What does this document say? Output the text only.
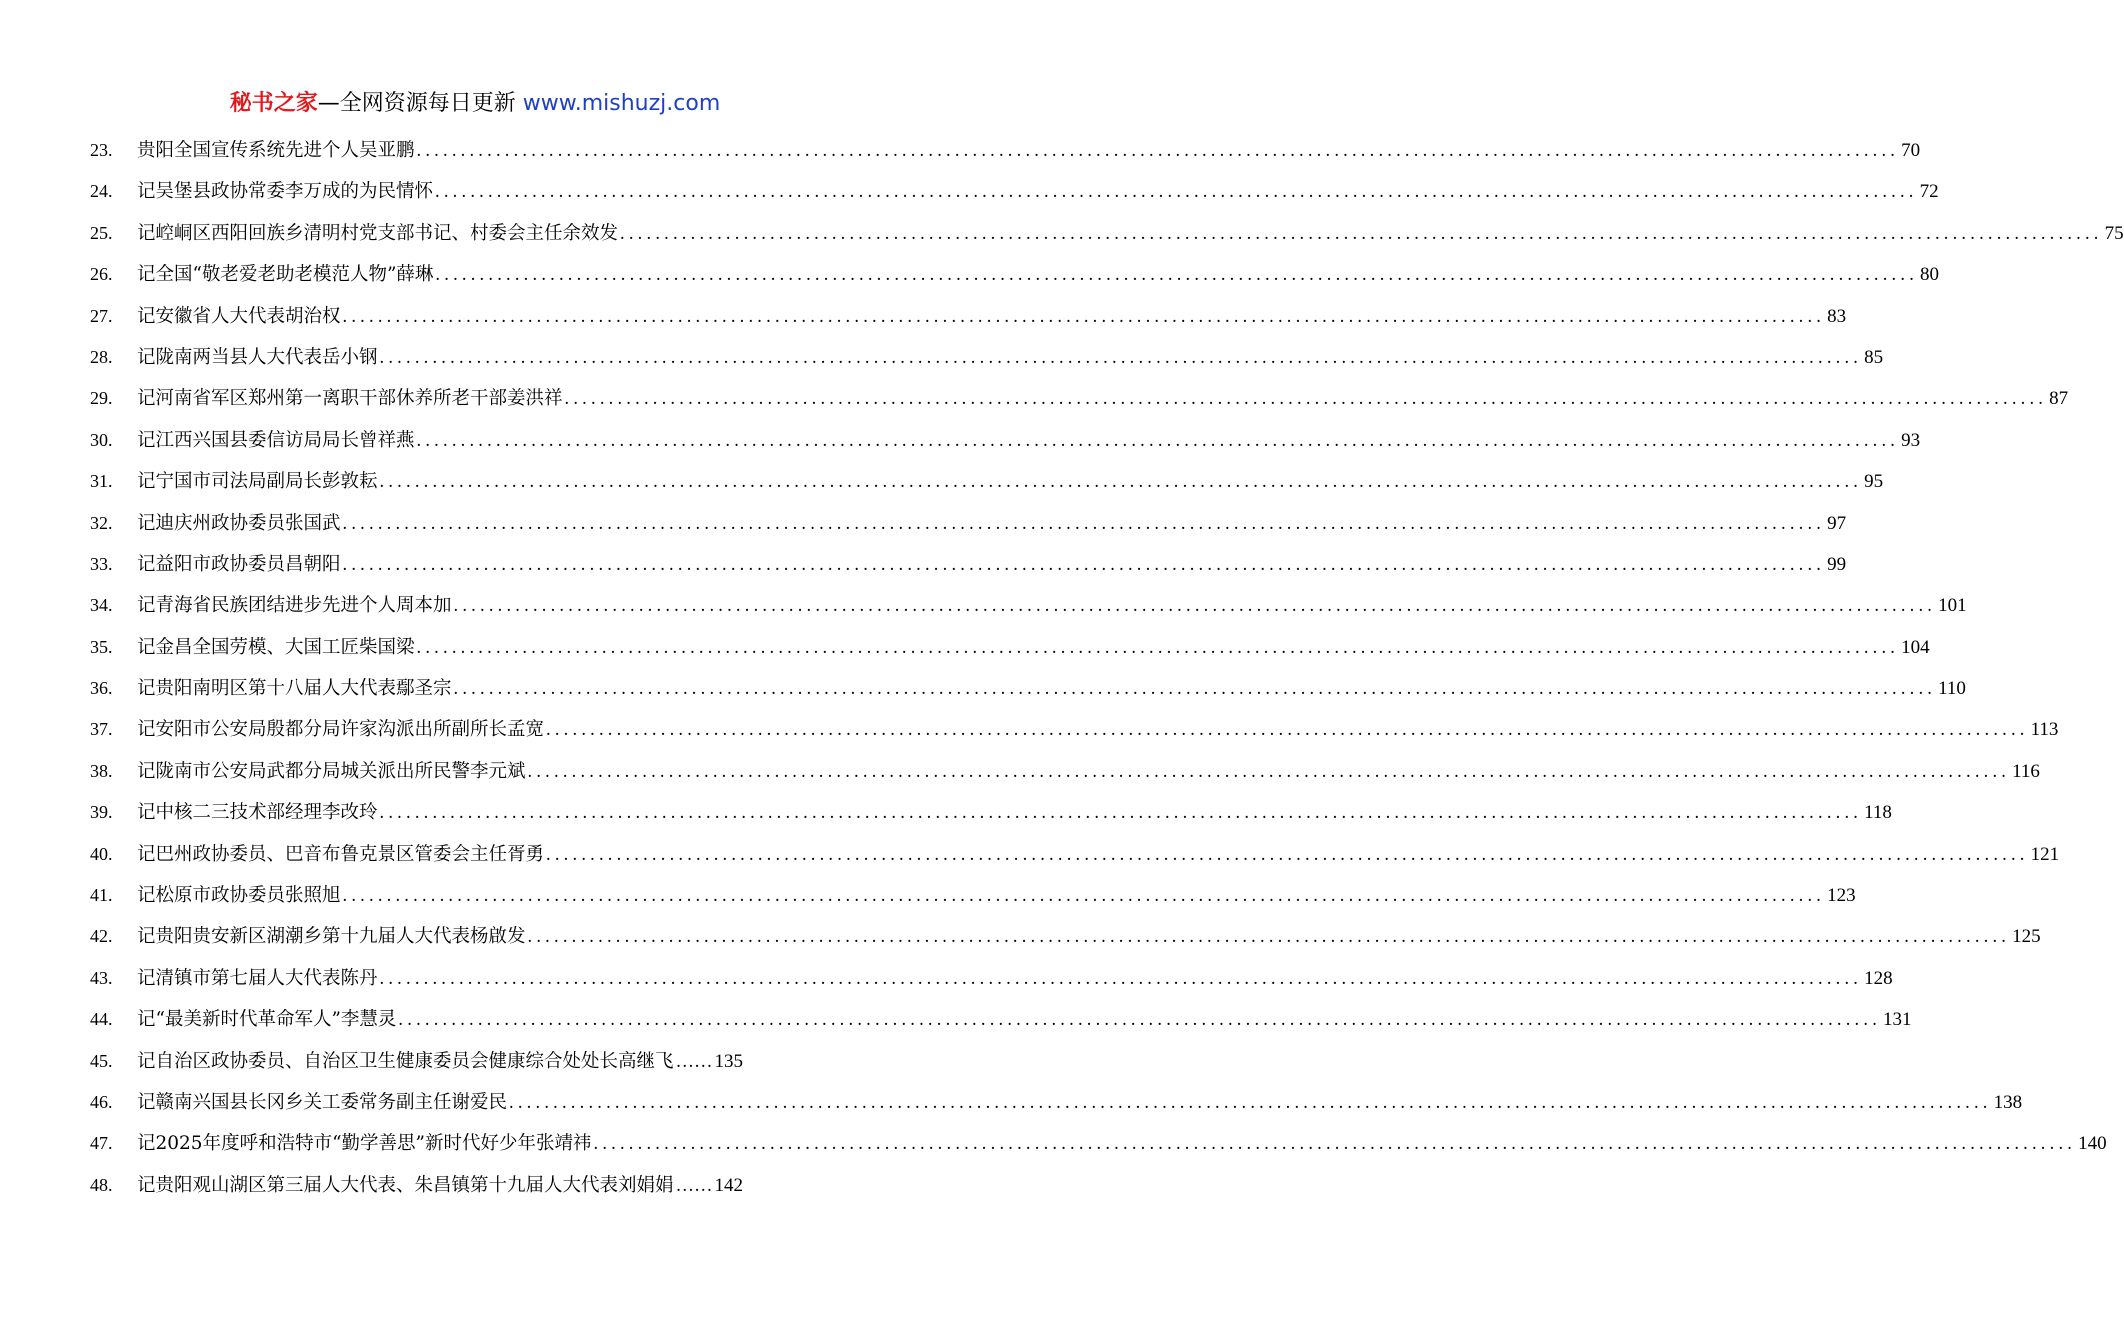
秘书之家—全网资源每日更新 www.mishuzj.com
23.	贵阳全国宣传系统先进个人吴亚鹏 .....	70
24.	记吴堡县政协常委李万成的为民情怀 .....	72
25.	记崆峒区西阳回族乡清明村党支部书记、村委会主任余效发 .....	75
26.	记全国“敬老爱老助老模范人物”薛琳 .....	80
27.	记安徽省人大代表胡治权 .....	83
28.	记陇南两当县人大代表岳小钢 .....	85
29.	记河南省军区郑州第一离职干部休养所老干部姜洪祥 .....	87
30.	记江西兴国县委信访局局长曾祥燕 .....	93
31.	记宁国市司法局副局长彭敦耘 .....	95
32.	记迪庆州政协委员张国武 .....	97
33.	记益阳市政协委员昌朝阳 .....	99
34.	记青海省民族团结进步先进个人周本加 .....	101
35.	记金昌全国劳模、大国工匠柴国梁 .....	104
36.	记贵阳南明区第十八届人大代表鄢圣宗 .....	110
37.	记安阳市公安局殷都分局许家沟派出所副所长孟宽 .....	113
38.	记陇南市公安局武都分局城关派出所民警李元斌 .....	116
39.	记中核二三技术部经理李改玲 .....	118
40.	记巴州政协委员、巴音布鲁克景区管委会主任胥勇 .....	121
41.	记松原市政协委员张照旭 .....	123
42.	记贵阳贵安新区湖潮乡第十九届人大代表杨啟发 .....	125
43.	记清镇市第七届人大代表陈丹 .....	128
44.	记“最美新时代革命军人”李慧灵 .....	131
45.	记自治区政协委员、自治区卫生健康委员会健康综合处处长高继飞 …… 135
46.	记赣南兴国县长冈乡关工委常务副主任谢爱民 .....	138
47.	记2025年度呼和浩特市“勤学善思”新时代好少年张靖祎 .....	140
48.	记贵阳观山湖区第三届人大代表、朱昌镇第十九届人大代表刘娟娟 …… 142
